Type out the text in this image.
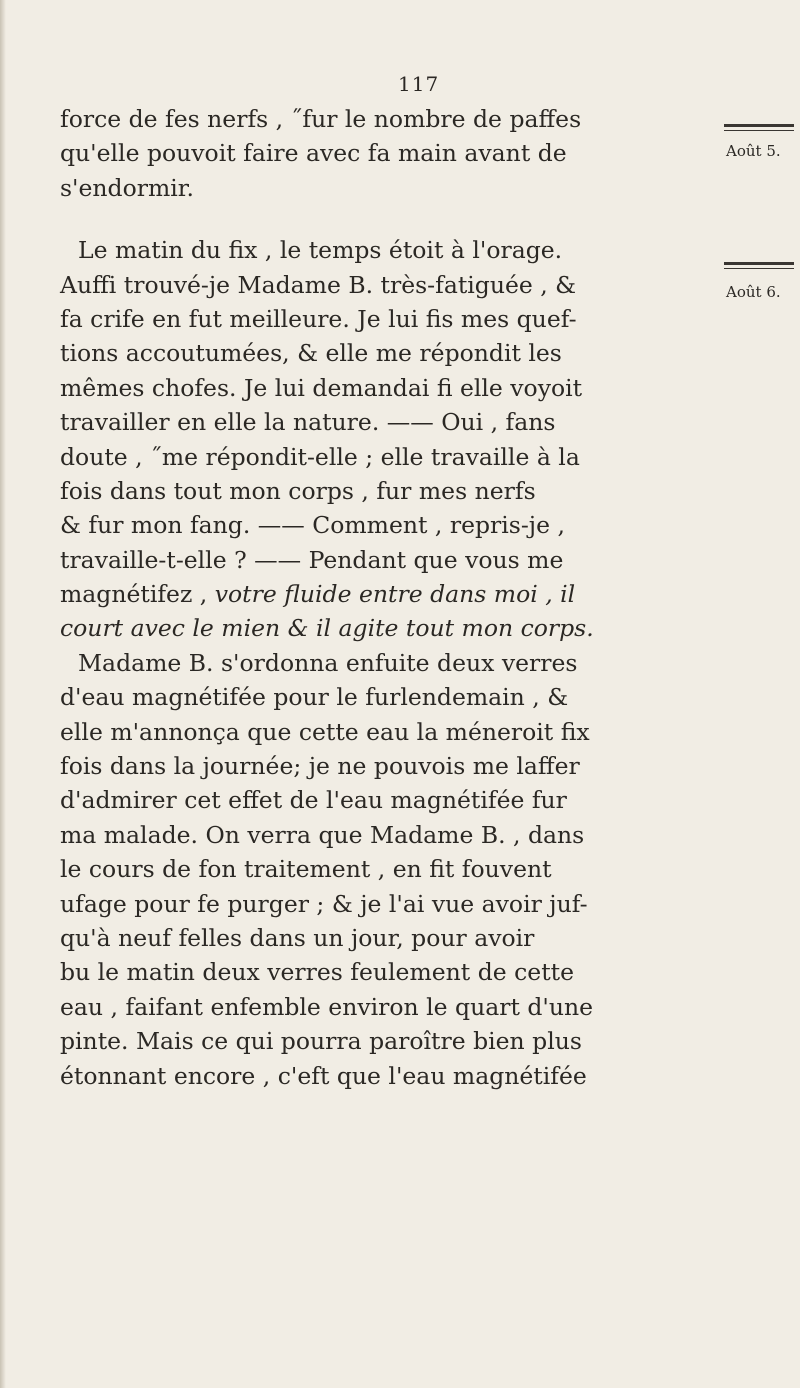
117
Août 5.
Août 6.
force de fes nerfs , ˝fur le nombre de paffes
qu'elle pouvoit faire avec fa main avant de
s'endormir.
Le matin du fix , le temps étoit à l'orage.
Auffi trouvé-je Madame B. très-fatiguée , &
fa crife en fut meilleure. Je lui fis mes quef-
tions accoutumées, & elle me répondit les
mêmes chofes. Je lui demandai fi elle voyoit
travailler en elle la nature. —— Oui , fans
doute , ˝me répondit-elle ; elle travaille à la
fois dans tout mon corps , fur mes nerfs
& fur mon fang. —— Comment , repris-je ,
travaille-t-elle ? —— Pendant que vous me
magnétifez , votre fluide entre dans moi , il
court avec le mien & il agite tout mon corps.
Madame B. s'ordonna enfuite deux verres
d'eau magnétifée pour le furlendemain , &
elle m'annonça que cette eau la méneroit fix
fois dans la journée; je ne pouvois me laffer
d'admirer cet effet de l'eau magnétifée fur
ma malade. On verra que Madame B. , dans
le cours de fon traitement , en fit fouvent
ufage pour fe purger ; & je l'ai vue avoir juf-
qu'à neuf felles dans un jour, pour avoir
bu le matin deux verres feulement de cette
eau , faifant enfemble environ le quart d'une
pinte. Mais ce qui pourra paroître bien plus
étonnant encore , c'eft que l'eau magnétifée
